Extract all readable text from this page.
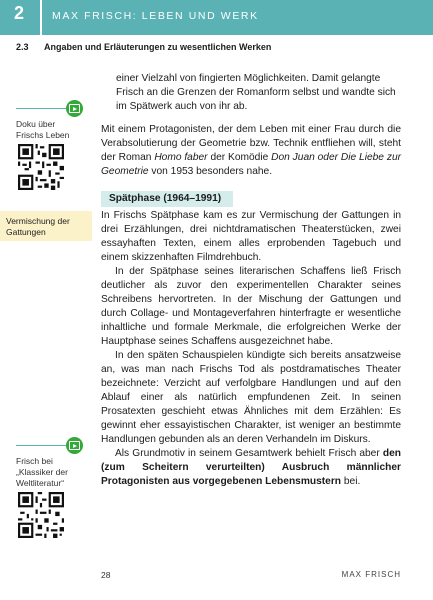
2	MAX FRISCH: LEBEN UND WERK
2.3 Angaben und Erläuterungen zu wesentlichen Werken
Doku über
Frischs Leben
Vermischung der
Gattungen
Frisch bei
„Klassiker der
Weltliteratur“

einer Vielzahl von fingierten Möglichkeiten. Damit gelangte Frisch an die Grenzen der Romanform selbst und wandte sich im Spätwerk auch von ihr ab.

Mit einem Protagonisten, der dem Leben mit einer Frau durch die Verabsolutierung der Geometrie bzw. Technik entfliehen will, steht der Roman Homo faber der Komödie Don Juan oder Die Liebe zur Geometrie von 1953 besonders nahe.

Spätphase (1964–1991)

In Frischs Spätphase kam es zur Vermischung der Gattungen in drei Erzählungen, drei nichtdramatischen Theaterstücken, zwei essayhaften Texten, einem alles erprobenden Tagebuch und einem skizzenhaften Filmdrehbuch.

In der Spätphase seines literarischen Schaffens ließ Frisch deutlicher als zuvor den experimentellen Charakter seines Schreibens hervortreten. In der Mischung der Gattungen und durch Collage- und Montageverfahren hinterfragte er wesentliche inhaltliche und formale Merkmale, die erfolgreichen Werke der Hauptphase seines Schaffens ausgezeichnet habe.

In den späten Schauspielen kündigte sich bereits ansatzweise an, was man nach Frischs Tod als postdramatisches Theater bezeichnete: Verzicht auf verfolgbare Handlungen und auf den Ablauf einer als natürlich empfundenen Zeit. In seinen Prosatexten geschieht etwas Ähnliches mit dem Erzählen: Es gewinnt eher essayistischen Charakter, ist weniger an bestimmte Handlungen gebunden als an deren Verhandeln im Diskurs.

Als Grundmotiv in seinem Gesamtwerk behielt Frisch aber den (zum Scheitern verurteilten) Ausbruch männlicher Protagonisten aus vorgegebenen Lebensmustern bei.

28	MAX FRISCH
